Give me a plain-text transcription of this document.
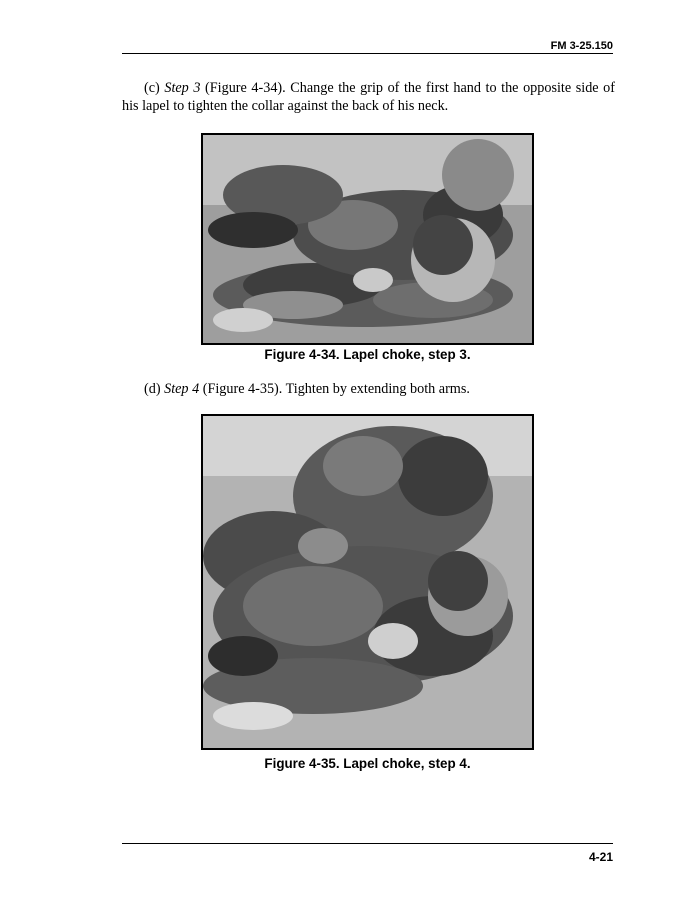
FM 3-25.150

(c) Step 3 (Figure 4-34). Change the grip of the first hand to the opposite side of his lapel to tighten the collar against the back of his neck.

Figure 4-34. Lapel choke, step 3.

(d) Step 4 (Figure 4-35). Tighten by extending both arms.

Figure 4-35. Lapel choke, step 4.
4-21
